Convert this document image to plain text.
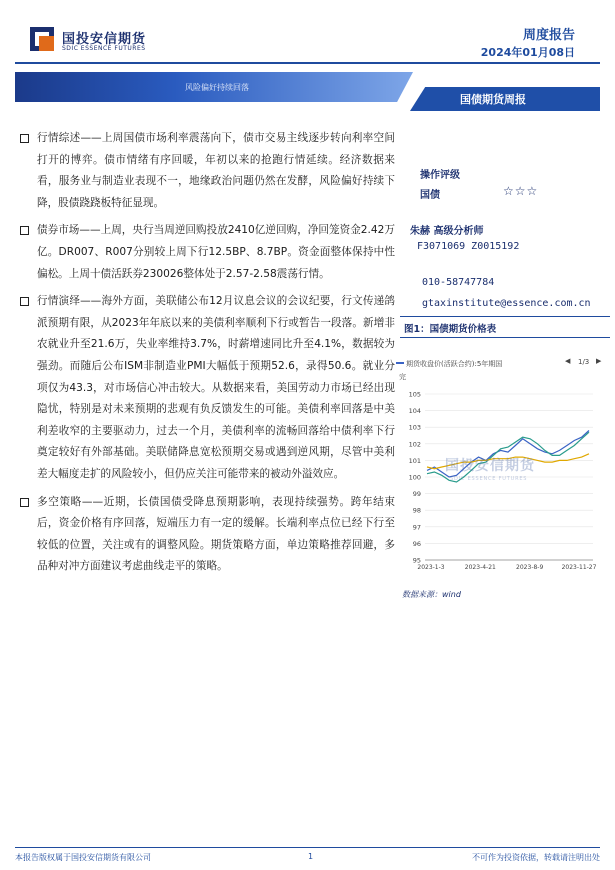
国投安信期货
SDIC ESSENCE FUTURES
周度报告
2024年01月08日
风险偏好持续回落
国债期货周报
行情综述——上周国债市场利率震荡向下，债市交易主线逐步转向利率空间打开的博弈。债市情绪有序回暖，年初以来的抢跑行情延续。经济数据来看，服务业与制造业表现不一，地缘政治问题仍然在发酵，风险偏好持续下降，股债跷跷板特征显现。
债券市场——上周，央行当周逆回购投放2410亿逆回购，净回笼资金2.42万亿。DR007、R007分别较上周下行12.5BP、8.7BP。资金面整体保持中性偏松。上周十债活跃券230026整体处于2.57-2.58震荡行情。
行情演绎——海外方面，美联储公布12月议息会议的会议纪要，行文传递鸽派预期有限，从2023年年底以来的美债利率顺利下行或暂告一段落。新增非农就业升至21.6万，失业率维持3.7%，时薪增速同比升至4.1%，数据较为强劲。而随后公布ISM非制造业PMI大幅低于预期52.6，录得50.6。就业分项仅为43.3，对市场信心冲击较大。从数据来看，美国劳动力市场已经出现隐忧，特别是对未来预期的悲观有负反馈发生的可能。美债利率回落是中美利差收窄的主要驱动力，过去一个月，美债利率的流畅回落给中债利率下行奠定较好有外部基础。美联储降息宽松预期交易或遇到逆风期，尽管中美利差大幅度走扩的风险较小，但仍应关注可能带来的被动外溢效应。
多空策略——近期，长债国债受降息预期影响，表现持续强势。跨年结束后，资金价格有序回落，短端压力有一定的缓解。长端利率点位已经下行至较低的位置，关注或有的调整风险。期货策略方面，单边策略推荐回避，多品种对冲方面建议考虑曲线走平的策略。
操作评级
国债	☆☆☆
朱赫 高级分析师
F3071069 Z0015192
010-58747784
gtaxinstitute@essence.com.cn
图1：国债期货价格表
期货收盘价(活跃合约):5年期国	◀ 1/3 ▶
完
95
96
97
98
99
100
101
102
103
104
105
2023-1-3	2023-4-21	2023-8-9	2023-11-27
国投安信期货
SDIC ESSENCE FUTURES
数据来源：wind
本报告版权属于国投安信期货有限公司	1	不可作为投资依据，转载请注明出处
